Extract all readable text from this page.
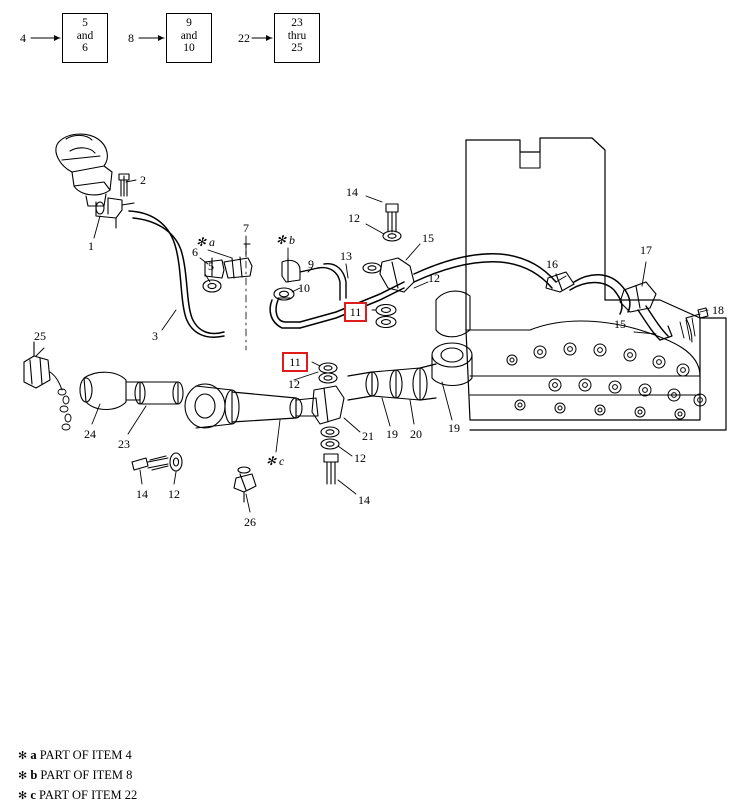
4
5
and
6
8
9
and
10
22
23
thru
25
2
1
3
5
6
✻ a
7
✻ b
9
10
13
14
12
15
12
16
17
18
15
25
24
23
✻ c
14 12
26
12
21 19 20 19
12
14
11
11
✻ a PART OF ITEM 4
✻ b PART OF ITEM 8
✻ c PART OF ITEM 22
